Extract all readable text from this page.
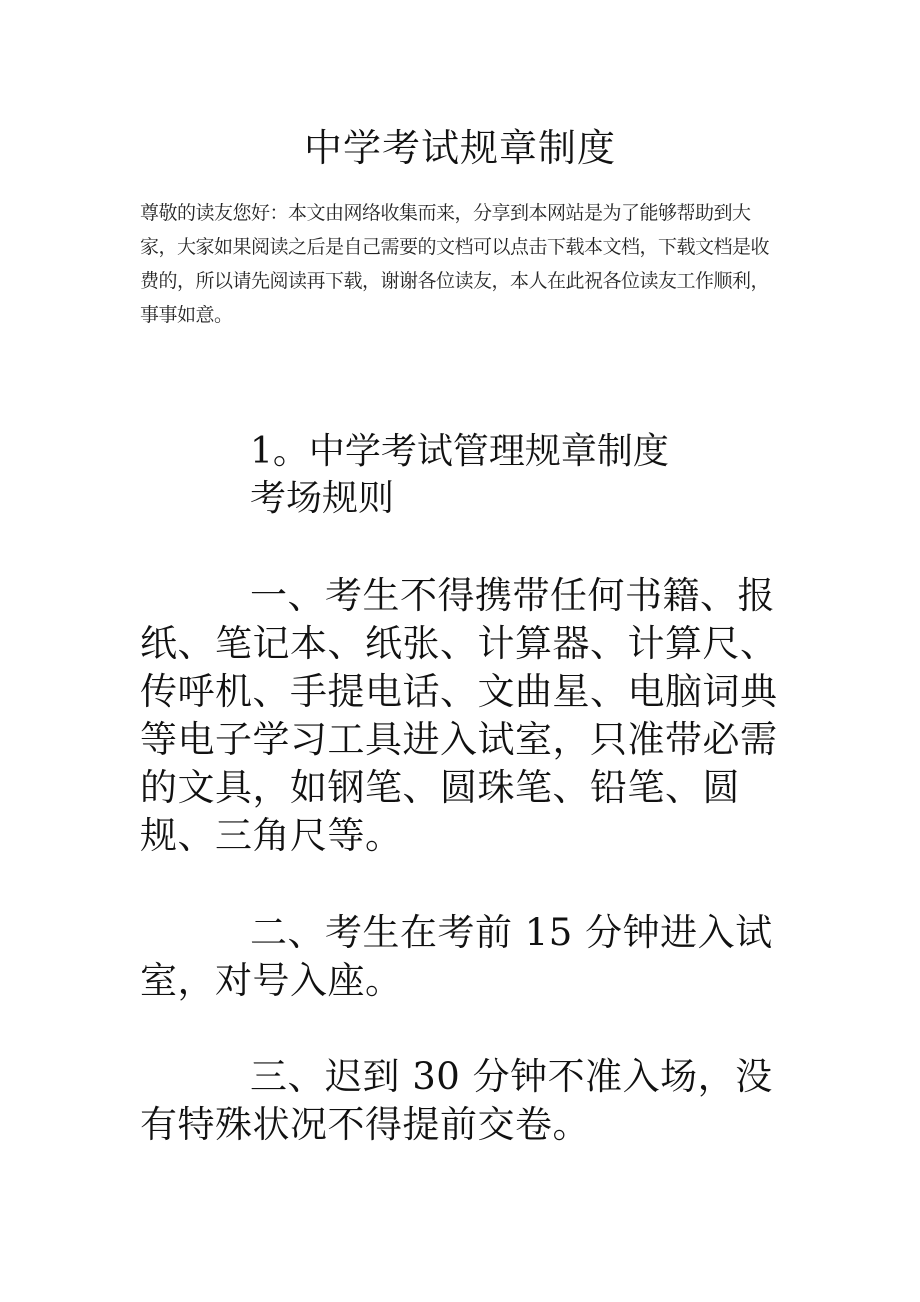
中学考试规章制度

尊敬的读友您好：本文由网络收集而来，分享到本网站是为了能够帮助到大家，大家如果阅读之后是自己需要的文档可以点击下载本文档，下载文档是收费的，所以请先阅读再下载，谢谢各位读友，本人在此祝各位读友工作顺利，事事如意。

1。中学考试管理规章制度
考场规则

一、考生不得携带任何书籍、报纸、笔记本、纸张、计算器、计算尺、传呼机、手提电话、文曲星、电脑词典等电子学习工具进入试室，只准带必需的文具，如钢笔、圆珠笔、铅笔、圆规、三角尺等。

二、考生在考前 15 分钟进入试室，对号入座。

三、迟到 30 分钟不准入场，没有特殊状况不得提前交卷。
